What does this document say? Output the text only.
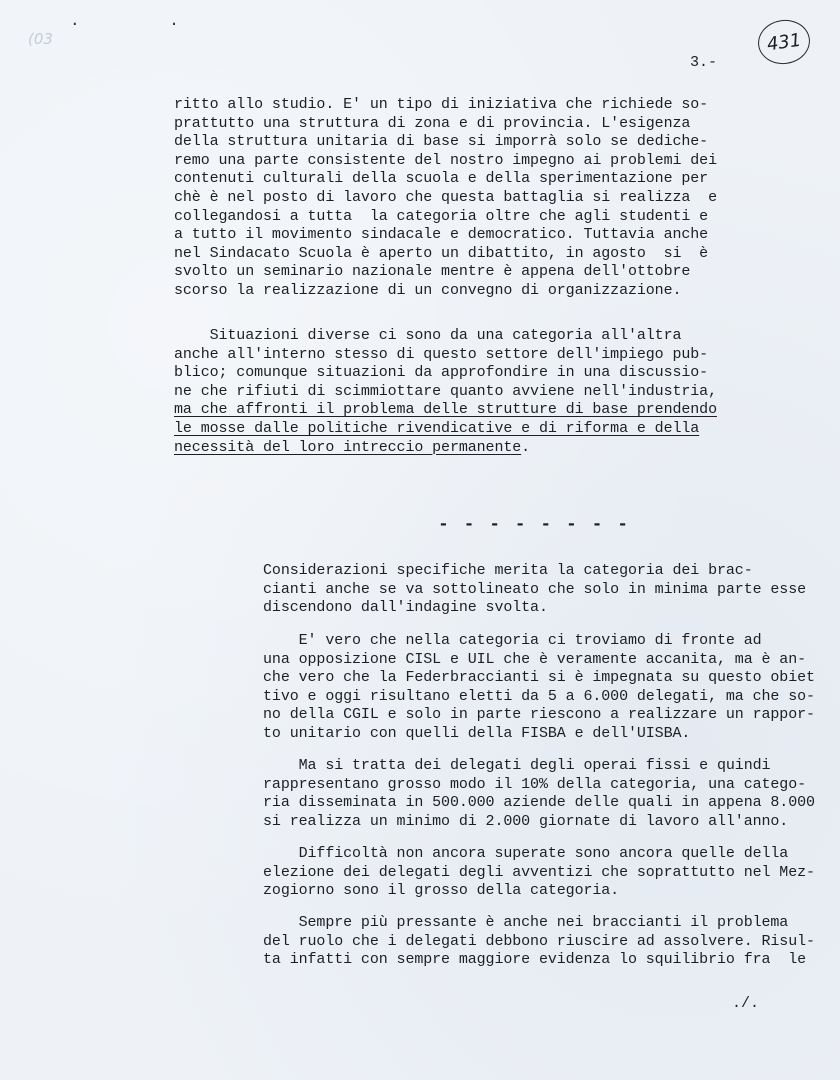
. .
(03	431
3.-
ritto allo studio. E' un tipo di iniziativa che richiede so-
prattutto una struttura di zona e di provincia. L'esigenza
della struttura unitaria di base si imporrà solo se dediche-
remo una parte consistente del nostro impegno ai problemi dei
contenuti culturali della scuola e della sperimentazione per
chè è nel posto di lavoro che questa battaglia si realizza  e
collegandosi a tutta  la categoria oltre che agli studenti e
a tutto il movimento sindacale e democratico. Tuttavia anche
nel Sindacato Scuola è aperto un dibattito, in agosto  si  è
svolto un seminario nazionale mentre è appena dell'ottobre
scorso la realizzazione di un convegno di organizzazione.
Situazioni diverse ci sono da una categoria all'altra
anche all'interno stesso di questo settore dell'impiego pub-
blico; comunque situazioni da approfondire in una discussio-
ne che rifiuti di scimmiottare quanto avviene nell'industria,
ma che affronti il problema delle strutture di base prendendo
le mosse dalle politiche rivendicative e di riforma e della
necessità del loro intreccio permanente.

- - - - - - - -
Considerazioni specifiche merita la categoria dei brac-
cianti anche se va sottolineato che solo in minima parte esse
discendono dall'indagine svolta.
E' vero che nella categoria ci troviamo di fronte ad
una opposizione CISL e UIL che è veramente accanita, ma è an-
che vero che la Federbraccianti si è impegnata su questo obiet
tivo e oggi risultano eletti da 5 a 6.000 delegati, ma che so-
no della CGIL e solo in parte riescono a realizzare un rappor-
to unitario con quelli della FISBA e dell'UISBA.
Ma si tratta dei delegati degli operai fissi e quindi
rappresentano grosso modo il 10% della categoria, una catego-
ria disseminata in 500.000 aziende delle quali in appena 8.000
si realizza un minimo di 2.000 giornate di lavoro all'anno.
Difficoltà non ancora superate sono ancora quelle della
elezione dei delegati degli avventizi che soprattutto nel Mez-
zogiorno sono il grosso della categoria.
Sempre più pressante è anche nei braccianti il problema
del ruolo che i delegati debbono riuscire ad assolvere. Risul-
ta infatti con sempre maggiore evidenza lo squilibrio fra  le
./.
